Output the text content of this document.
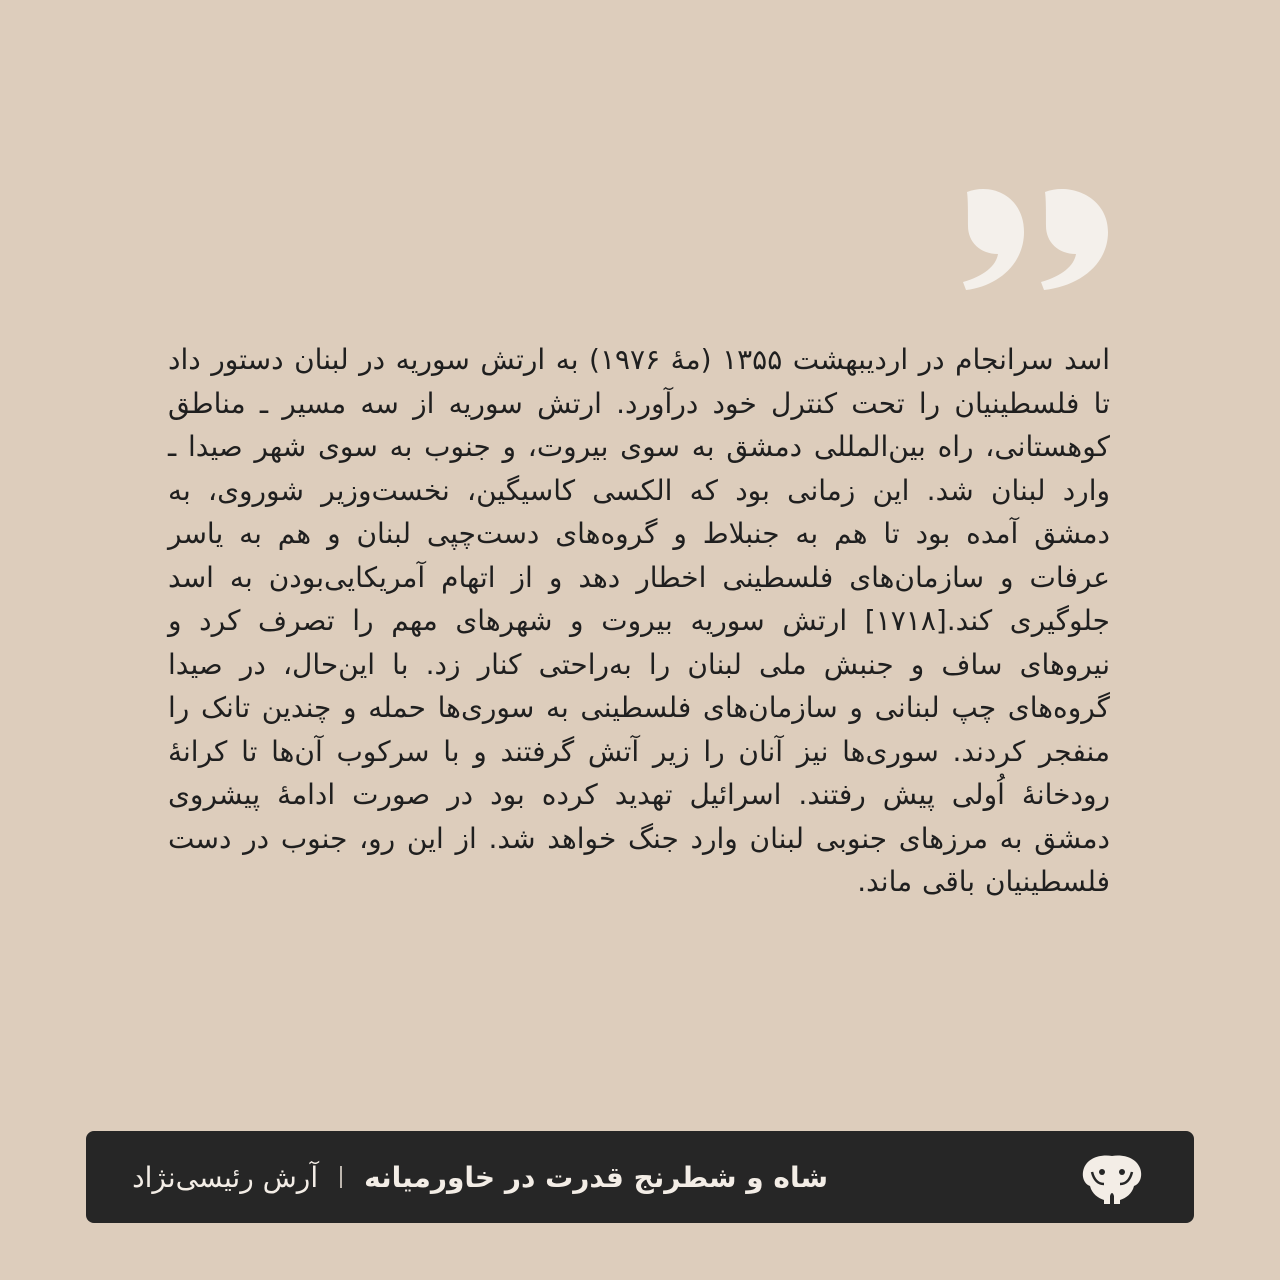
اسد سرانجام در اردیبهشت ۱۳۵۵ (مهٔ ۱۹۷۶) به ارتش سوریه در لبنان دستور داد تا فلسطینیان را تحت کنترل خود درآورد. ارتش سوریه از سه مسیر ـ مناطق کوهستانی، راه بین‌المللی دمشق به سوی بیروت، و جنوب به سوی شهر صیدا ـ وارد لبنان شد. این زمانی بود که الکسی کاسیگین، نخست‌وزیر شوروی، به دمشق آمده بود تا هم به جنبلاط و گروه‌های دست‌چپی لبنان و هم به یاسر عرفات و سازمان‌های فلسطینی اخطار دهد و از اتهام آمریکایی‌بودن به اسد جلوگیری کند.[۱۷۱۸] ارتش سوریه بیروت و شهرهای مهم را تصرف کرد و نیروهای ساف و جنبش ملی لبنان را به‌راحتی کنار زد. با این‌حال، در صیدا گروه‌های چپ لبنانی و سازمان‌های فلسطینی به سوری‌ها حمله و چندین تانک را منفجر کردند. سوری‌ها نیز آنان را زیر آتش گرفتند و با سرکوب آن‌ها تا کرانهٔ رودخانهٔ اُولی پیش رفتند. اسرائیل تهدید کرده بود در صورت ادامهٔ پیشروی دمشق به مرزهای جنوبی لبنان وارد جنگ خواهد شد. از این رو، جنوب در دست فلسطینیان باقی ماند.

شاه و شطرنج قدرت در خاورمیانه
آرش رئیسی‌نژاد
